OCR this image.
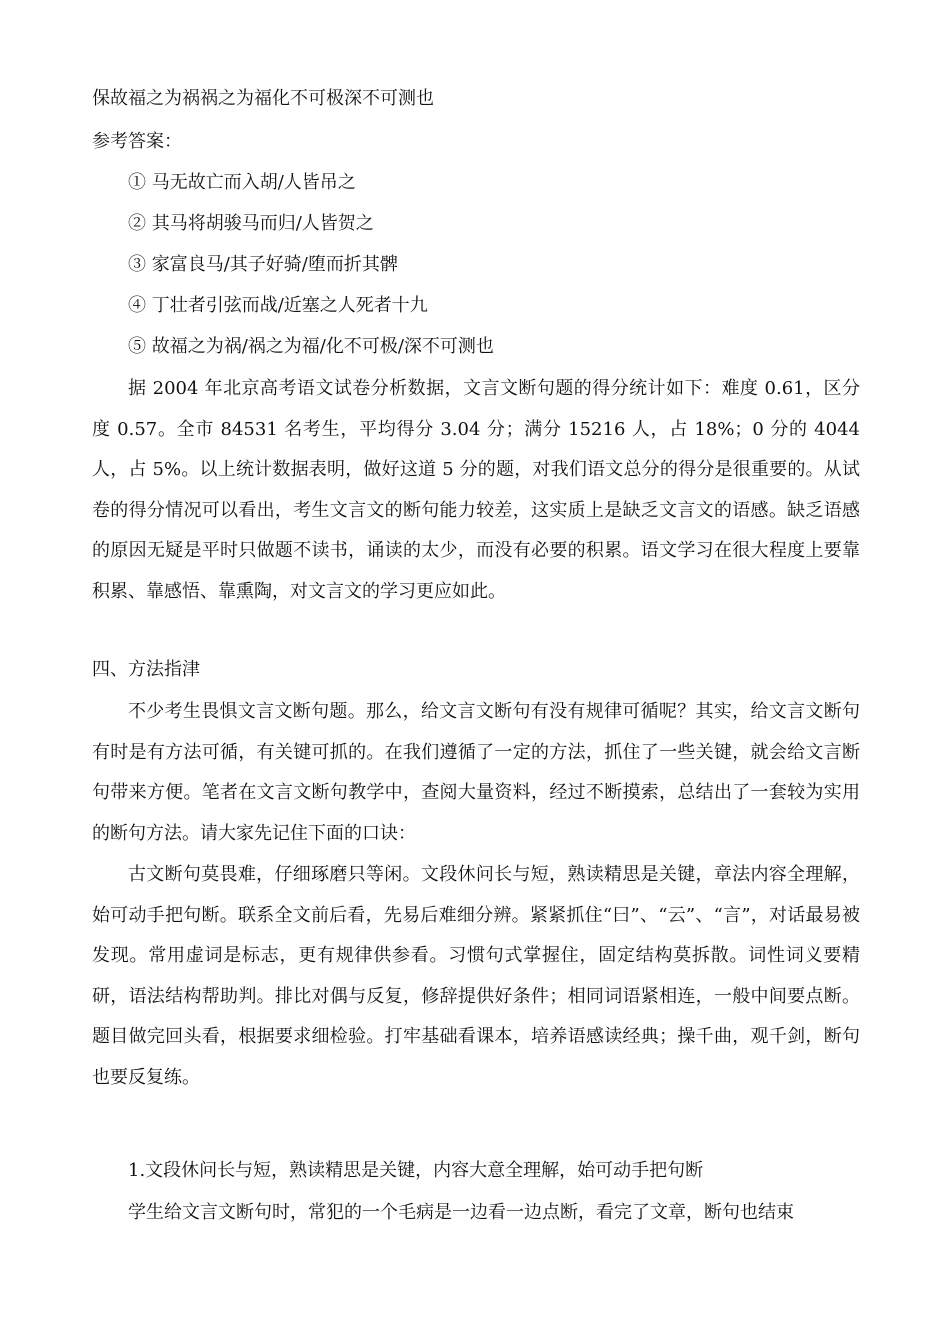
保故福之为祸祸之为福化不可极深不可测也
参考答案：
① 马无故亡而入胡/人皆吊之
② 其马将胡骏马而归/人皆贺之
③ 家富良马/其子好骑/堕而折其髀
④ 丁壮者引弦而战/近塞之人死者十九
⑤ 故福之为祸/祸之为福/化不可极/深不可测也
据 2004 年北京高考语文试卷分析数据，文言文断句题的得分统计如下：难度 0.61，区分度 0.57。全市 84531 名考生，平均得分 3.04 分；满分 15216 人，占 18%；0 分的 4044 人，占 5%。以上统计数据表明，做好这道 5 分的题，对我们语文总分的得分是很重要的。从试卷的得分情况可以看出，考生文言文的断句能力较差，这实质上是缺乏文言文的语感。缺乏语感的原因无疑是平时只做题不读书，诵读的太少，而没有必要的积累。语文学习在很大程度上要靠积累、靠感悟、靠熏陶，对文言文的学习更应如此。
四、方法指津
不少考生畏惧文言文断句题。那么，给文言文断句有没有规律可循呢？其实，给文言文断句有时是有方法可循，有关键可抓的。在我们遵循了一定的方法，抓住了一些关键，就会给文言断句带来方便。笔者在文言文断句教学中，查阅大量资料，经过不断摸索，总结出了一套较为实用的断句方法。请大家先记住下面的口诀：
古文断句莫畏难，仔细琢磨只等闲。文段休问长与短，熟读精思是关键，章法内容全理解，始可动手把句断。联系全文前后看，先易后难细分辨。紧紧抓住“曰”、“云”、“言”，对话最易被发现。常用虚词是标志，更有规律供参看。习惯句式掌握住，固定结构莫拆散。词性词义要精研，语法结构帮助判。排比对偶与反复，修辞提供好条件；相同词语紧相连，一般中间要点断。题目做完回头看，根据要求细检验。打牢基础看课本，培养语感读经典；操千曲，观千剑，断句也要反复练。
1.文段休问长与短，熟读精思是关键，内容大意全理解，始可动手把句断
学生给文言文断句时，常犯的一个毛病是一边看一边点断，看完了文章，断句也结束
